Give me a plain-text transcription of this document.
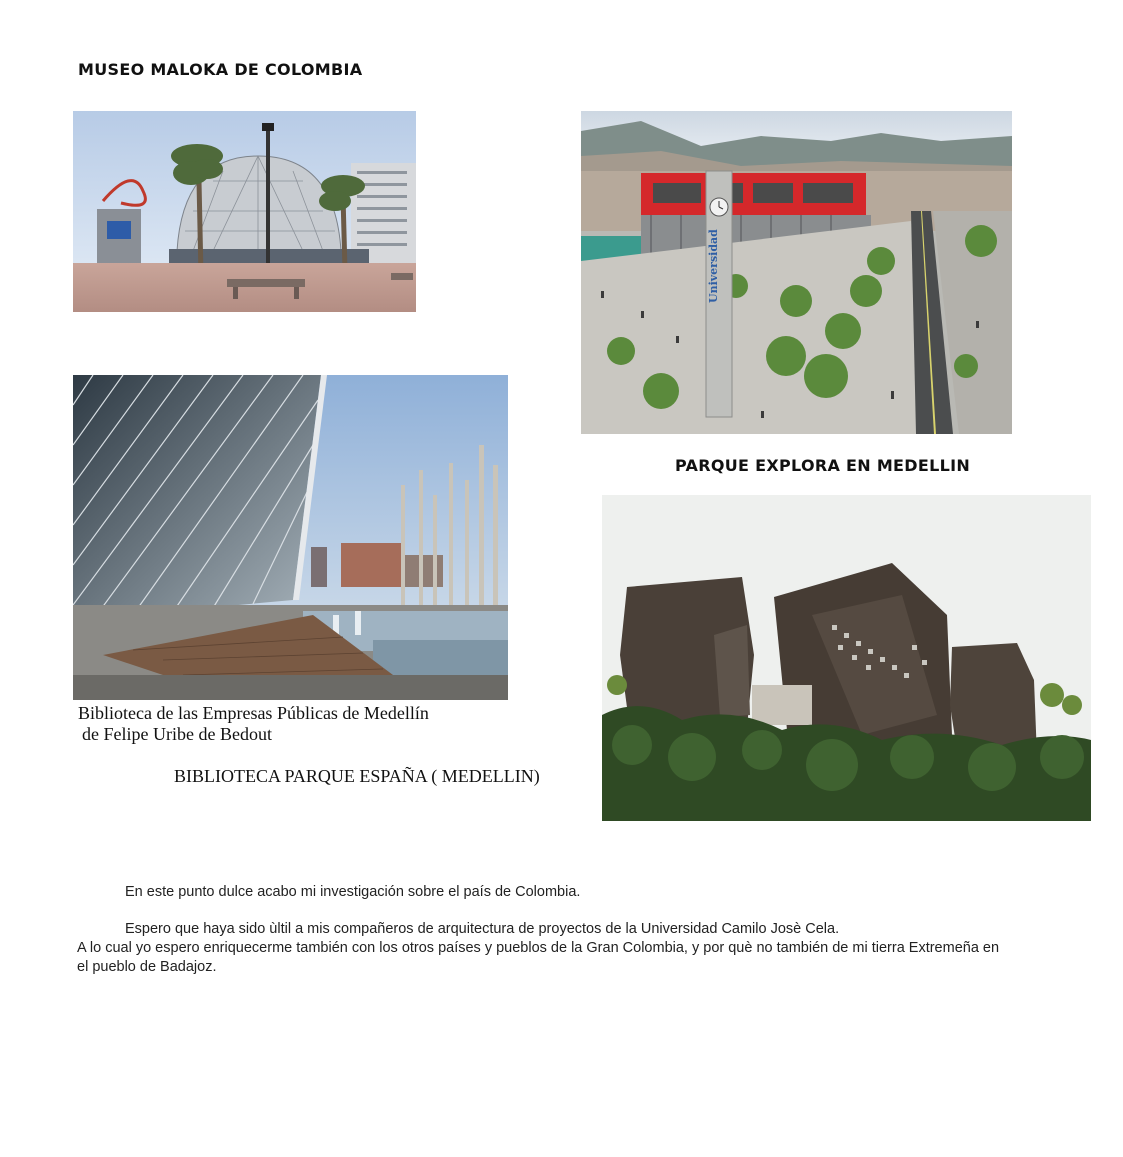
MUSEO MALOKA DE COLOMBIA
Universidad
PARQUE EXPLORA EN MEDELLIN
Biblioteca de las Empresas Públicas de Medellín
de Felipe Uribe de Bedout
BIBLIOTECA PARQUE ESPAÑA ( MEDELLIN)
En este punto dulce acabo mi investigación sobre el país de Colombia.
Espero que haya sido ùltil a mis compañeros de arquitectura de proyectos de la Universidad Camilo Josè Cela.
A lo cual yo espero enriquecerme también con los otros países y pueblos de la Gran Colombia, y por què no también de mi tierra Extremeña en el pueblo de Badajoz.
